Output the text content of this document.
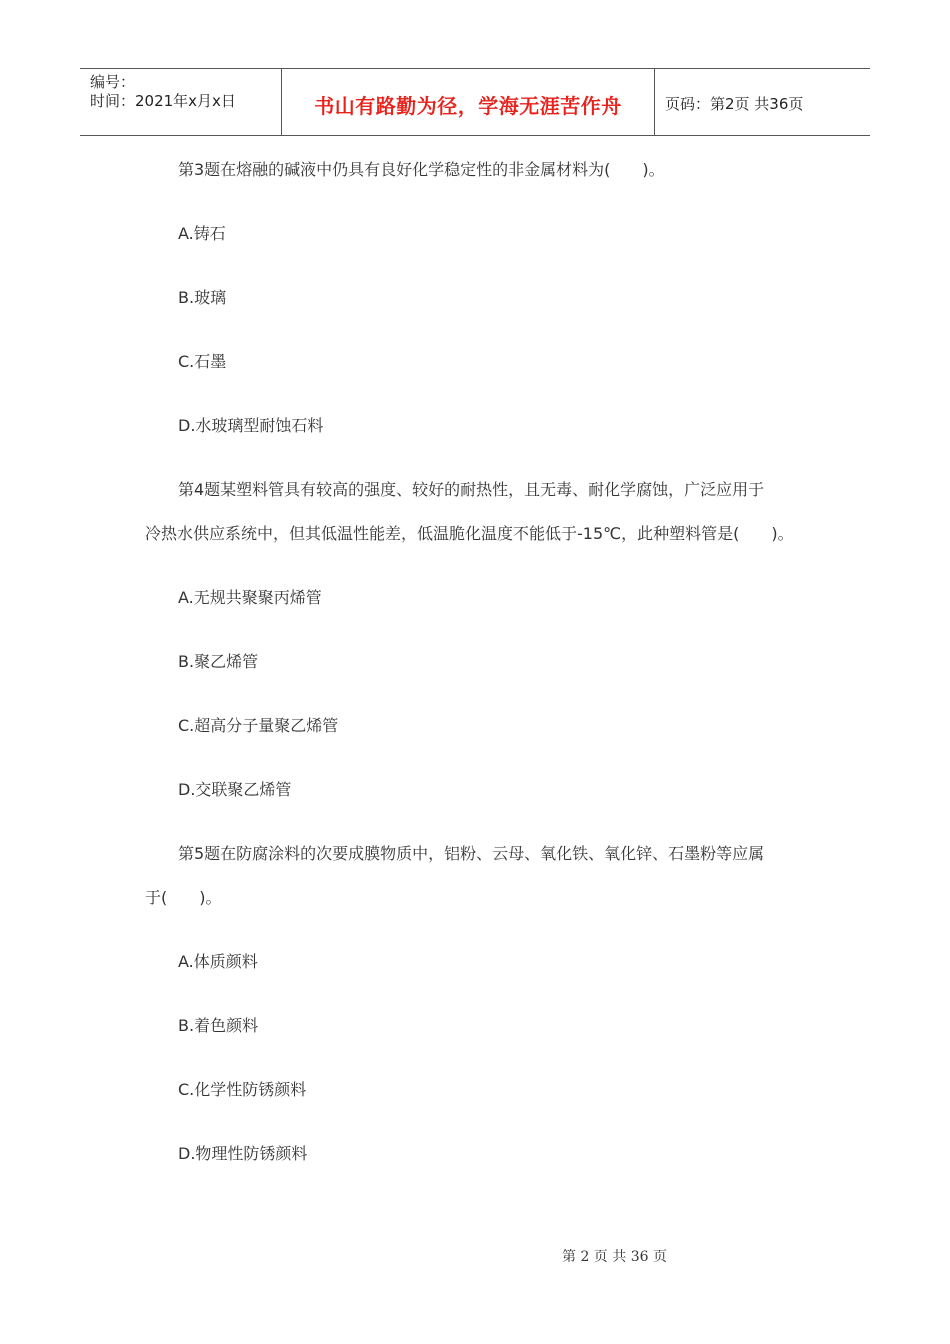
编号：
时间：2021年x月x日	书山有路勤为径，学海无涯苦作舟	页码：第2页 共36页
第3题在熔融的碱液中仍具有良好化学稳定性的非金属材料为(　　)。
A.铸石
B.玻璃
C.石墨
D.水玻璃型耐蚀石料
第4题某塑料管具有较高的强度、较好的耐热性，且无毒、耐化学腐蚀，广泛应用于
冷热水供应系统中，但其低温性能差，低温脆化温度不能低于-15℃，此种塑料管是(　　)。
A.无规共聚聚丙烯管
B.聚乙烯管
C.超高分子量聚乙烯管
D.交联聚乙烯管
第5题在防腐涂料的次要成膜物质中，铝粉、云母、氧化铁、氧化锌、石墨粉等应属
于(　　)。
A.体质颜料
B.着色颜料
C.化学性防锈颜料
D.物理性防锈颜料
第 2 页 共 36 页
